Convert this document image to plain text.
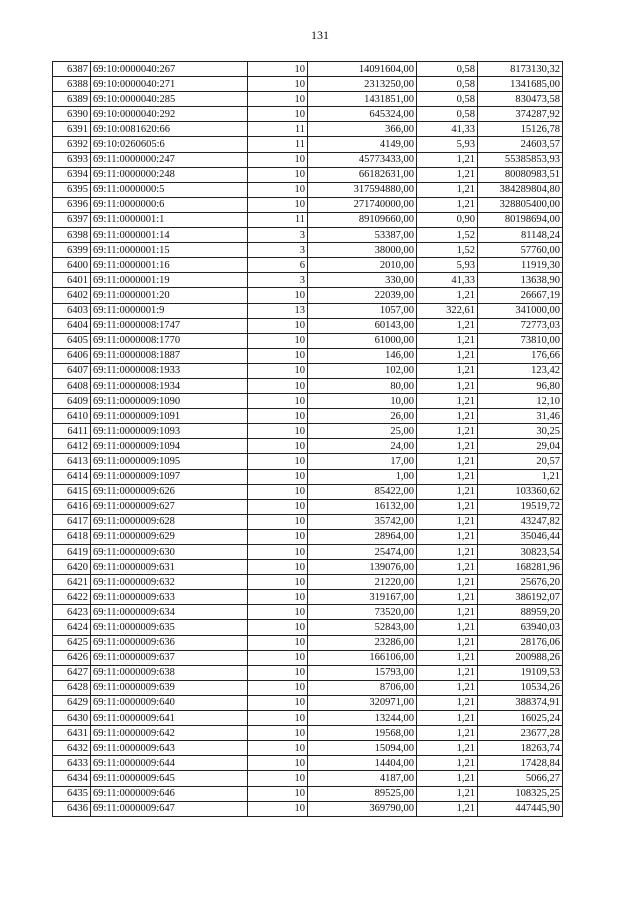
131
6387	69:10:0000040:267	10	14091604,00	0,58	8173130,32
6388	69:10:0000040:271	10	2313250,00	0,58	1341685,00
6389	69:10:0000040:285	10	1431851,00	0,58	830473,58
6390	69:10:0000040:292	10	645324,00	0,58	374287,92
6391	69:10:0081620:66	11	366,00	41,33	15126,78
6392	69:10:0260605:6	11	4149,00	5,93	24603,57
6393	69:11:0000000:247	10	45773433,00	1,21	55385853,93
6394	69:11:0000000:248	10	66182631,00	1,21	80080983,51
6395	69:11:0000000:5	10	317594880,00	1,21	384289804,80
6396	69:11:0000000:6	10	271740000,00	1,21	328805400,00
6397	69:11:0000001:1	11	89109660,00	0,90	80198694,00
6398	69:11:0000001:14	3	53387,00	1,52	81148,24
6399	69:11:0000001:15	3	38000,00	1,52	57760,00
6400	69:11:0000001:16	6	2010,00	5,93	11919,30
6401	69:11:0000001:19	3	330,00	41,33	13638,90
6402	69:11:0000001:20	10	22039,00	1,21	26667,19
6403	69:11:0000001:9	13	1057,00	322,61	341000,00
6404	69:11:0000008:1747	10	60143,00	1,21	72773,03
6405	69:11:0000008:1770	10	61000,00	1,21	73810,00
6406	69:11:0000008:1887	10	146,00	1,21	176,66
6407	69:11:0000008:1933	10	102,00	1,21	123,42
6408	69:11:0000008:1934	10	80,00	1,21	96,80
6409	69:11:0000009:1090	10	10,00	1,21	12,10
6410	69:11:0000009:1091	10	26,00	1,21	31,46
6411	69:11:0000009:1093	10	25,00	1,21	30,25
6412	69:11:0000009:1094	10	24,00	1,21	29,04
6413	69:11:0000009:1095	10	17,00	1,21	20,57
6414	69:11:0000009:1097	10	1,00	1,21	1,21
6415	69:11:0000009:626	10	85422,00	1,21	103360,62
6416	69:11:0000009:627	10	16132,00	1,21	19519,72
6417	69:11:0000009:628	10	35742,00	1,21	43247,82
6418	69:11:0000009:629	10	28964,00	1,21	35046,44
6419	69:11:0000009:630	10	25474,00	1,21	30823,54
6420	69:11:0000009:631	10	139076,00	1,21	168281,96
6421	69:11:0000009:632	10	21220,00	1,21	25676,20
6422	69:11:0000009:633	10	319167,00	1,21	386192,07
6423	69:11:0000009:634	10	73520,00	1,21	88959,20
6424	69:11:0000009:635	10	52843,00	1,21	63940,03
6425	69:11:0000009:636	10	23286,00	1,21	28176,06
6426	69:11:0000009:637	10	166106,00	1,21	200988,26
6427	69:11:0000009:638	10	15793,00	1,21	19109,53
6428	69:11:0000009:639	10	8706,00	1,21	10534,26
6429	69:11:0000009:640	10	320971,00	1,21	388374,91
6430	69:11:0000009:641	10	13244,00	1,21	16025,24
6431	69:11:0000009:642	10	19568,00	1,21	23677,28
6432	69:11:0000009:643	10	15094,00	1,21	18263,74
6433	69:11:0000009:644	10	14404,00	1,21	17428,84
6434	69:11:0000009:645	10	4187,00	1,21	5066,27
6435	69:11:0000009:646	10	89525,00	1,21	108325,25
6436	69:11:0000009:647	10	369790,00	1,21	447445,90
